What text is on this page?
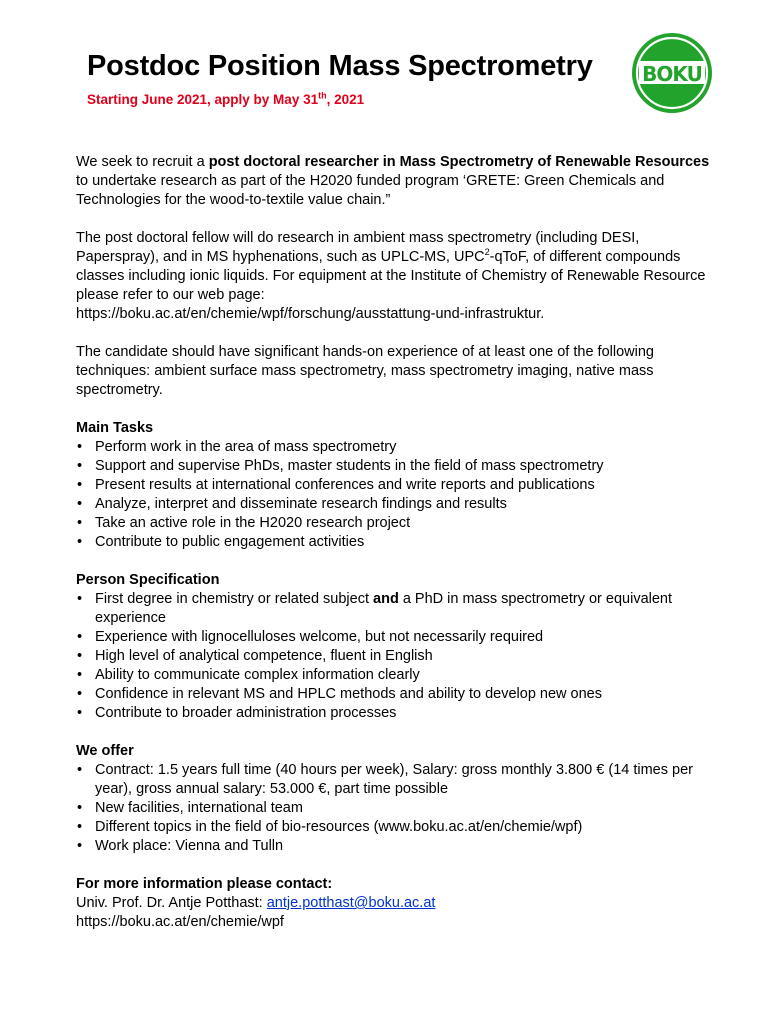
Postdoc Position Mass Spectrometry
Starting June 2021, apply by May 31th, 2021
BOKU

We seek to recruit a post doctoral researcher in Mass Spectrometry of Renewable Resources to undertake research as part of the H2020 funded program ‘GRETE: Green Chemicals and Technologies for the wood-to-textile value chain.”

The post doctoral fellow will do research in ambient mass spectrometry (including DESI, Paperspray), and in MS hyphenations, such as UPLC-MS, UPC$^2$-qToF, of different compounds classes including ionic liquids. For equipment at the Institute of Chemistry of Renewable Resource please refer to our web page:
https://boku.ac.at/en/chemie/wpf/forschung/ausstattung-und-infrastruktur.

The candidate should have significant hands-on experience of at least one of the following techniques: ambient surface mass spectrometry, mass spectrometry imaging, native mass spectrometry.

Main Tasks

• Perform work in the area of mass spectrometry
• Support and supervise PhDs, master students in the field of mass spectrometry
• Present results at international conferences and write reports and publications
• Analyze, interpret and disseminate research findings and results
• Take an active role in the H2020 research project
• Contribute to public engagement activities

Person Specification

• First degree in chemistry or related subject and a PhD in mass spectrometry or equivalent experience
• Experience with lignocelluloses welcome, but not necessarily required
• High level of analytical competence, fluent in English
• Ability to communicate complex information clearly
• Confidence in relevant MS and HPLC methods and ability to develop new ones
• Contribute to broader administration processes

We offer

• Contract: 1.5 years full time (40 hours per week), Salary: gross monthly 3.800 € (14 times per year), gross annual salary: 53.000 €, part time possible
• New facilities, international team
• Different topics in the field of bio-resources (www.boku.ac.at/en/chemie/wpf)
• Work place: Vienna and Tulln

For more information please contact:

Univ. Prof. Dr. Antje Potthast: antje.potthast@boku.ac.at

https://boku.ac.at/en/chemie/wpf
